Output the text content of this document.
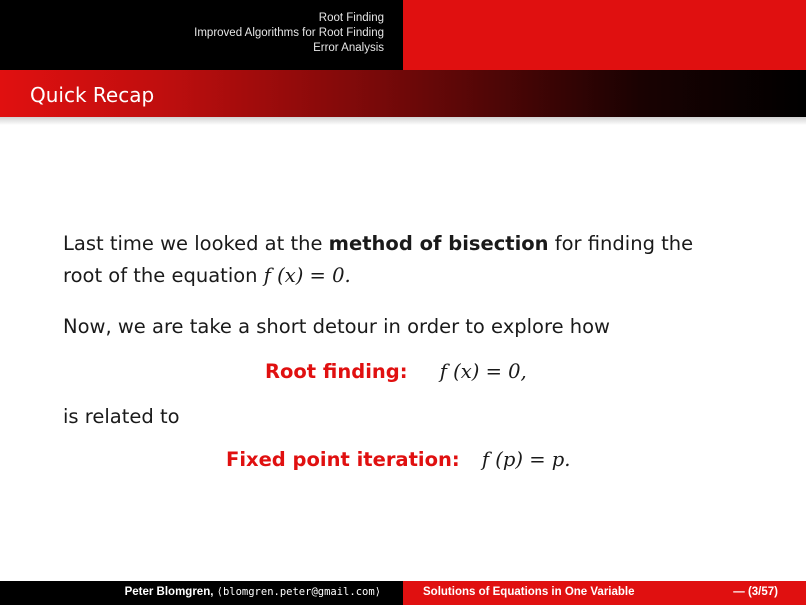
Root Finding
Improved Algorithms for Root Finding
Error Analysis
Quick Recap
Last time we looked at the method of bisection for finding the
root of the equation f (x) = 0.
Now, we are take a short detour in order to explore how
Root finding: f (x) = 0,
is related to
Fixed point iteration: f (p) = p.
Peter Blomgren, ⟨blomgren.peter@gmail.com⟩	Solutions of Equations in One Variable	— (3/57)
